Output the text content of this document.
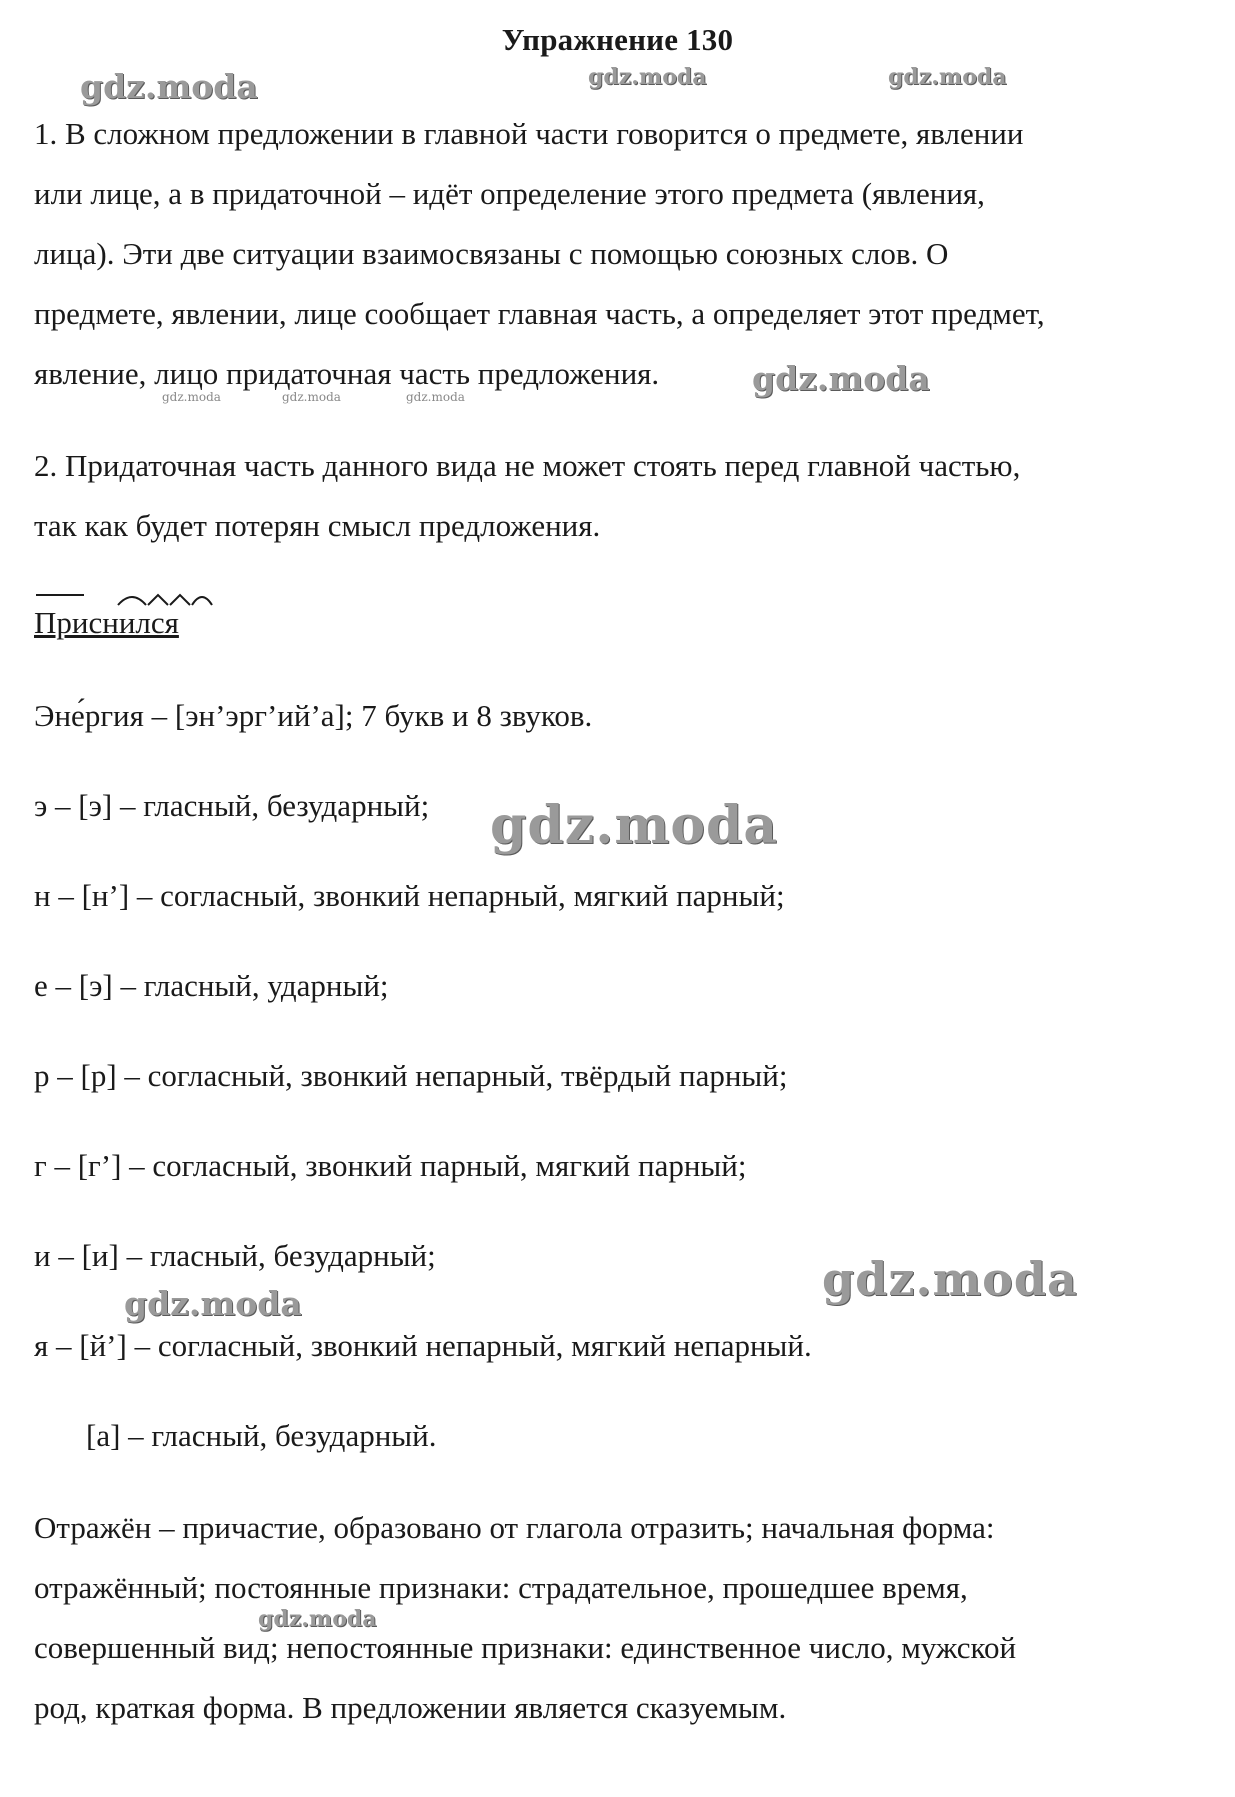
Упражнение 130
gdz.moda	gdz.moda	gdz.moda
gdz.moda
gdz.moda	gdz.moda	gdz.moda
gdz.moda
gdz.moda
gdz.moda
gdz.moda
1. В сложном предложении в главной части говорится о предмете, явлении
или лице, а в придаточной – идёт определение этого предмета (явления,
лица). Эти две ситуации взаимосвязаны с помощью союзных слов. О
предмете, явлении, лице сообщает главная часть, а определяет этот предмет,
явление, лицо придаточная часть предложения.
2. Придаточная часть данного вида не может стоять перед главной частью,
так как будет потерян смысл предложения.
Приснился
Эне́ргия – [эн’эрг’ий’а]; 7 букв и 8 звуков.
э – [э] – гласный, безударный;
н – [н’] – согласный, звонкий непарный, мягкий парный;
е – [э] – гласный, ударный;
р – [р] – согласный, звонкий непарный, твёрдый парный;
г – [г’] – согласный, звонкий парный, мягкий парный;
и – [и] – гласный, безударный;
я – [й’] – согласный, звонкий непарный, мягкий непарный.
[а] – гласный, безударный.
Отражён – причастие, образовано от глагола отразить; начальная форма:
отражённый; постоянные признаки: страдательное, прошедшее время,
совершенный вид; непостоянные признаки: единственное число, мужской
род, краткая форма. В предложении является сказуемым.
